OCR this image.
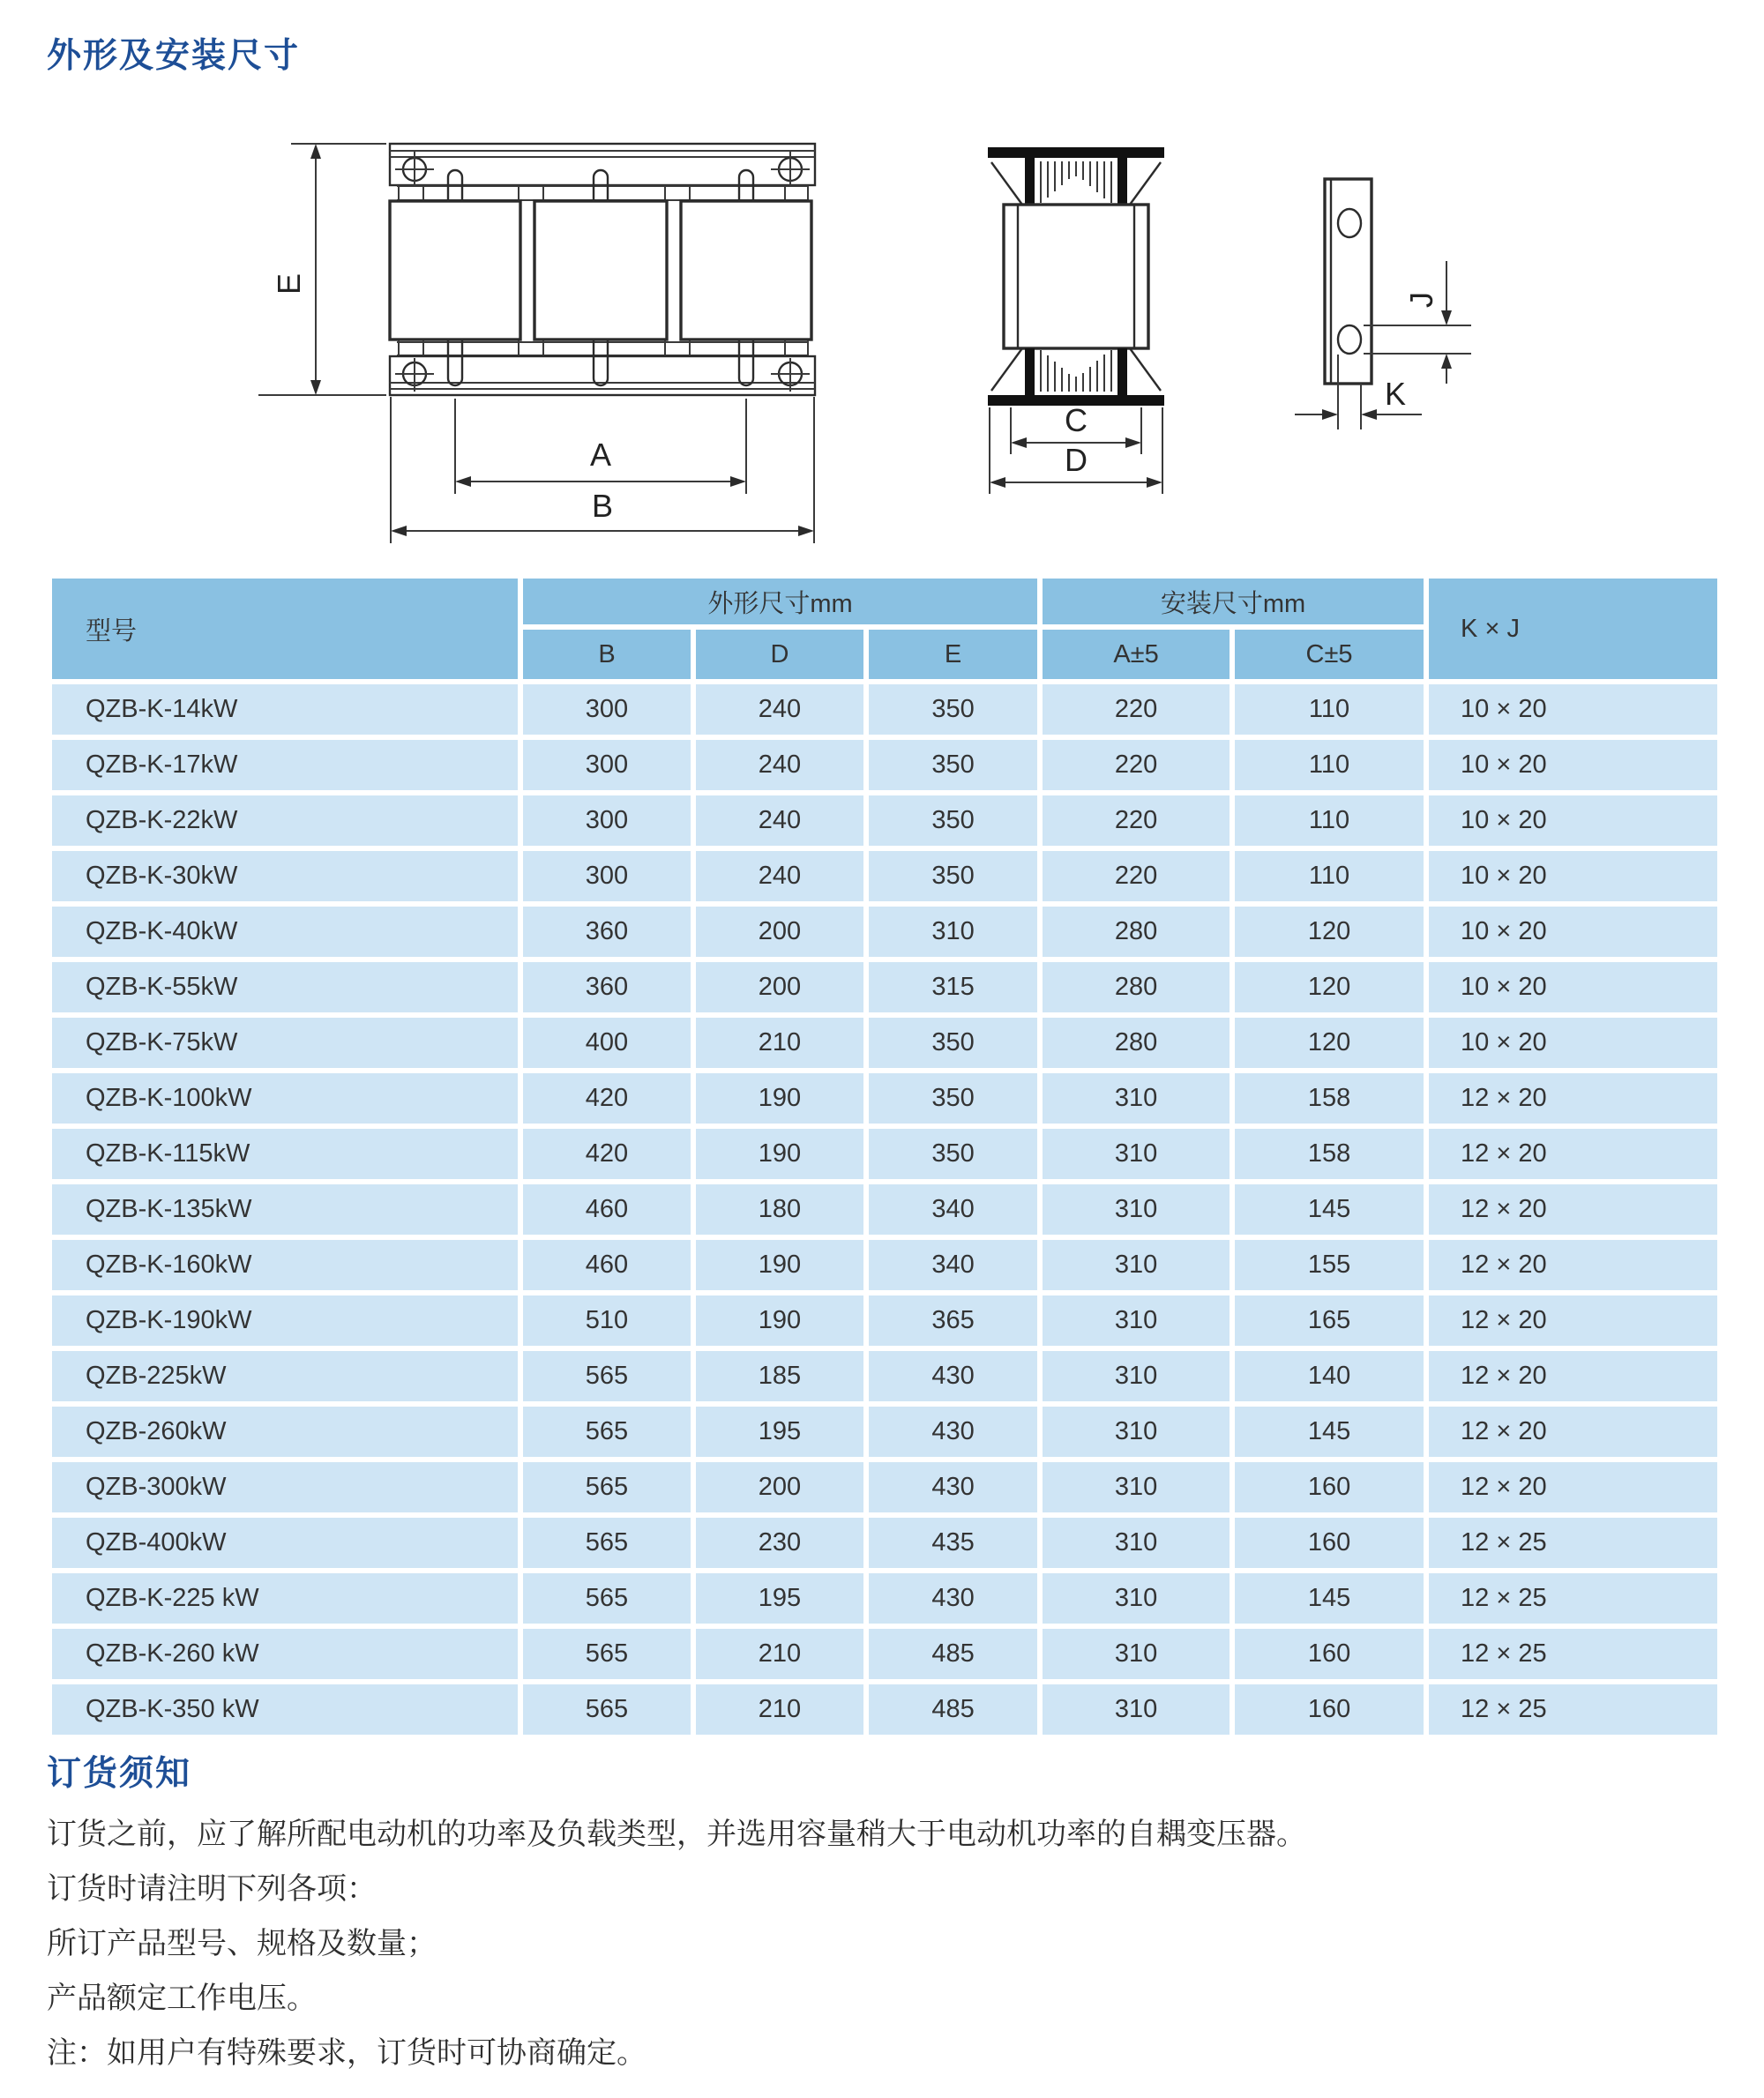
外形及安装尺寸
E
A
B
C
D
J
K
型号	外形尺寸mm			安装尺寸mm		K × J
	B	D	E	A±5	C±5	
QZB-K-14kW	300	240	350	220	110	10 × 20
QZB-K-17kW	300	240	350	220	110	10 × 20
QZB-K-22kW	300	240	350	220	110	10 × 20
QZB-K-30kW	300	240	350	220	110	10 × 20
QZB-K-40kW	360	200	310	280	120	10 × 20
QZB-K-55kW	360	200	315	280	120	10 × 20
QZB-K-75kW	400	210	350	280	120	10 × 20
QZB-K-100kW	420	190	350	310	158	12 × 20
QZB-K-115kW	420	190	350	310	158	12 × 20
QZB-K-135kW	460	180	340	310	145	12 × 20
QZB-K-160kW	460	190	340	310	155	12 × 20
QZB-K-190kW	510	190	365	310	165	12 × 20
QZB-225kW	565	185	430	310	140	12 × 20
QZB-260kW	565	195	430	310	145	12 × 20
QZB-300kW	565	200	430	310	160	12 × 20
QZB-400kW	565	230	435	310	160	12 × 25
QZB-K-225 kW	565	195	430	310	145	12 × 25
QZB-K-260 kW	565	210	485	310	160	12 × 25
QZB-K-350 kW	565	210	485	310	160	12 × 25
订货须知

订货之前，应了解所配电动机的功率及负载类型，并选用容量稍大于电动机功率的自耦变压器。

订货时请注明下列各项：

所订产品型号、规格及数量；

产品额定工作电压。

注：如用户有特殊要求，订货时可协商确定。
